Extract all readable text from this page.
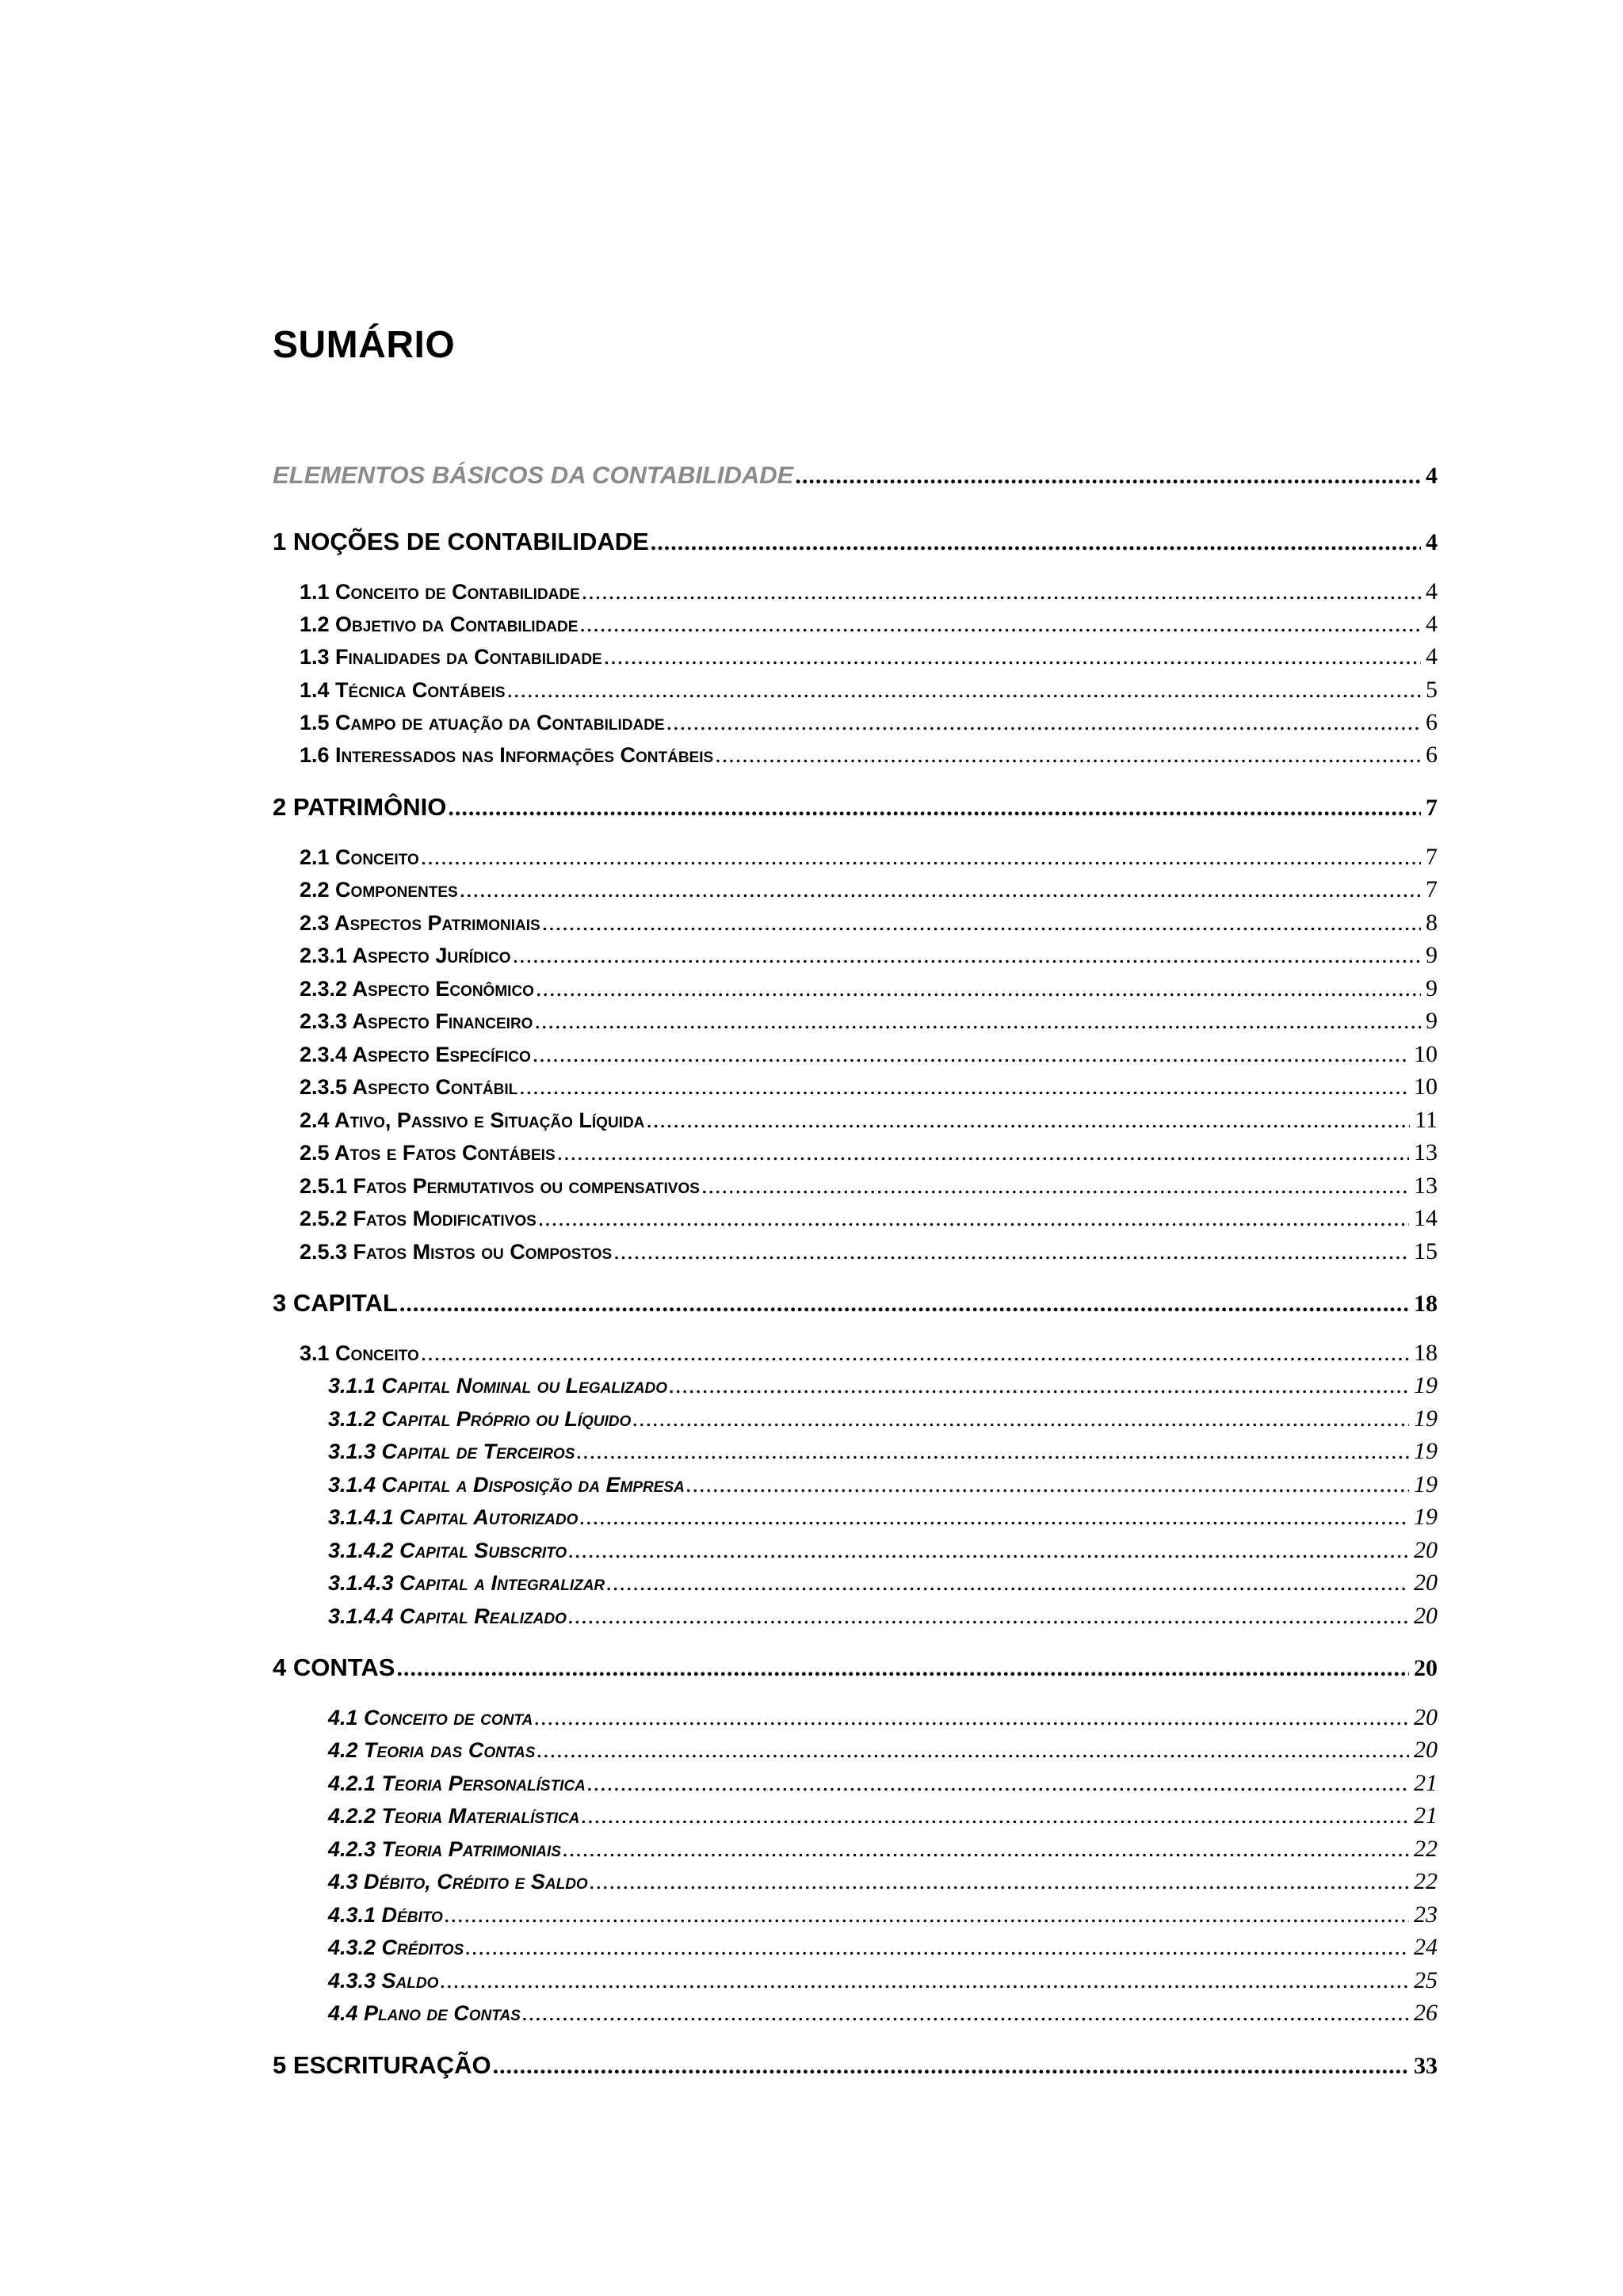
SUMÁRIO
ELEMENTOS BÁSICOS DA CONTABILIDADE .....	4
1 NOÇÕES DE CONTABILIDADE .....	4
1.1 Conceito de Contabilidade .....	4
1.2 Objetivo da Contabilidade .....	4
1.3 Finalidades da Contabilidade .....	4
1.4 Técnica Contábeis .....	5
1.5 Campo de atuação da Contabilidade .....	6
1.6 Interessados nas Informações Contábeis .....	6
2 PATRIMÔNIO .....	7
2.1 Conceito .....	7
2.2 Componentes .....	7
2.3 Aspectos Patrimoniais .....	8
2.3.1 Aspecto Jurídico .....	9
2.3.2 Aspecto Econômico .....	9
2.3.3 Aspecto Financeiro .....	9
2.3.4 Aspecto Específico .....	10
2.3.5 Aspecto Contábil .....	10
2.4 Ativo, Passivo e Situação Líquida .....	11
2.5 Atos e Fatos Contábeis .....	13
2.5.1 Fatos Permutativos ou compensativos .....	13
2.5.2 Fatos Modificativos .....	14
2.5.3 Fatos Mistos ou Compostos .....	15
3 CAPITAL .....	18
3.1 Conceito .....	18
3.1.1 Capital Nominal ou Legalizado .....	19
3.1.2 Capital Próprio ou Líquido .....	19
3.1.3 Capital de Terceiros .....	19
3.1.4 Capital a Disposição da Empresa .....	19
3.1.4.1 Capital Autorizado .....	19
3.1.4.2 Capital Subscrito .....	20
3.1.4.3 Capital a Integralizar .....	20
3.1.4.4 Capital Realizado .....	20
4 CONTAS .....	20
4.1 Conceito de conta .....	20
4.2 Teoria das Contas .....	20
4.2.1 Teoria Personalística .....	21
4.2.2 Teoria Materialística .....	21
4.2.3 Teoria Patrimoniais .....	22
4.3 Débito, Crédito e Saldo .....	22
4.3.1 Débito .....	23
4.3.2 Créditos .....	24
4.3.3 Saldo .....	25
4.4 Plano de Contas .....	26
5 ESCRITURAÇÃO .....	33
